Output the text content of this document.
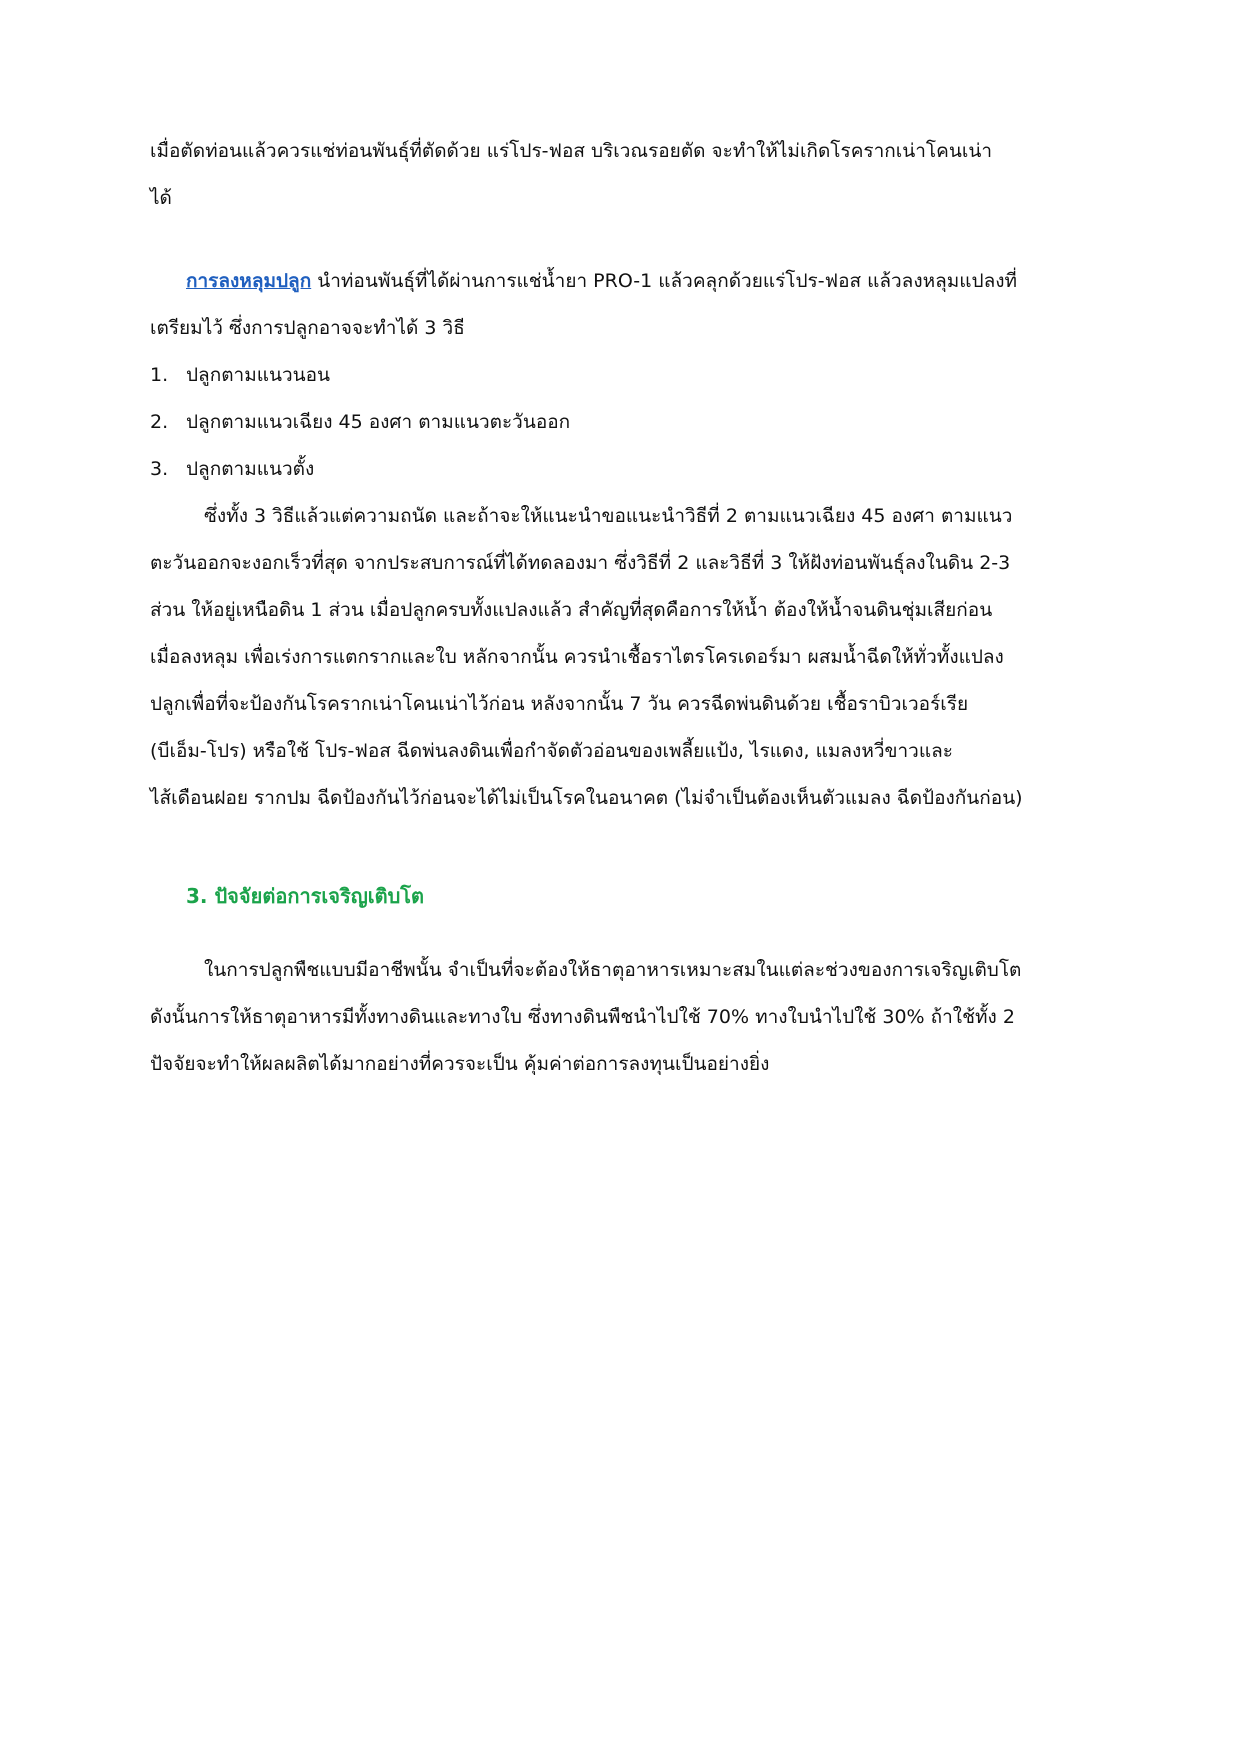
เมื่อตัดท่อนแล้วควรแช่ท่อนพันธุ์ที่ตัดด้วย แร่โปร-ฟอส บริเวณรอยตัด จะทำให้ไม่เกิดโรครากเน่าโคนเน่า
ได้
การลงหลุมปลูก นำท่อนพันธุ์ที่ได้ผ่านการแช่น้ำยา PRO-1 แล้วคลุกด้วยแร่โปร-ฟอส แล้วลงหลุมแปลงที่
เตรียมไว้ ซึ่งการปลูกอาจจะทำได้ 3 วิธี
1. ปลูกตามแนวนอน
2. ปลูกตามแนวเฉียง 45 องศา ตามแนวตะวันออก
3. ปลูกตามแนวตั้ง
ซึ่งทั้ง 3 วิธีแล้วแต่ความถนัด และถ้าจะให้แนะนำขอแนะนำวิธีที่ 2 ตามแนวเฉียง 45 องศา ตามแนว
ตะวันออกจะงอกเร็วที่สุด จากประสบการณ์ที่ได้ทดลองมา ซึ่งวิธีที่ 2 และวิธีที่ 3 ให้ฝังท่อนพันธุ์ลงในดิน 2-3
ส่วน ให้อยู่เหนือดิน 1 ส่วน เมื่อปลูกครบทั้งแปลงแล้ว สำคัญที่สุดคือการให้น้ำ ต้องให้น้ำจนดินชุ่มเสียก่อน
เมื่อลงหลุม เพื่อเร่งการแตกรากและใบ หลักจากนั้น ควรนำเชื้อราไตรโครเดอร์มา ผสมน้ำฉีดให้ทั่วทั้งแปลง
ปลูกเพื่อที่จะป้องกันโรครากเน่าโคนเน่าไว้ก่อน หลังจากนั้น 7 วัน ควรฉีดพ่นดินด้วย เชื้อราบิวเวอร์เรีย
(บีเอ็ม-โปร) หรือใช้ โปร-ฟอส ฉีดพ่นลงดินเพื่อกำจัดตัวอ่อนของเพลี้ยแป้ง, ไรแดง, แมลงหวี่ขาวและ
ไส้เดือนฝอย รากปม ฉีดป้องกันไว้ก่อนจะได้ไม่เป็นโรคในอนาคต (ไม่จำเป็นต้องเห็นตัวแมลง ฉีดป้องกันก่อน)
3. ปัจจัยต่อการเจริญเติบโต
ในการปลูกพืชแบบมีอาชีพนั้น จำเป็นที่จะต้องให้ธาตุอาหารเหมาะสมในแต่ละช่วงของการเจริญเติบโต
ดังนั้นการให้ธาตุอาหารมีทั้งทางดินและทางใบ ซึ่งทางดินพืชนำไปใช้ 70% ทางใบนำไปใช้ 30% ถ้าใช้ทั้ง 2
ปัจจัยจะทำให้ผลผลิตได้มากอย่างที่ควรจะเป็น คุ้มค่าต่อการลงทุนเป็นอย่างยิ่ง
